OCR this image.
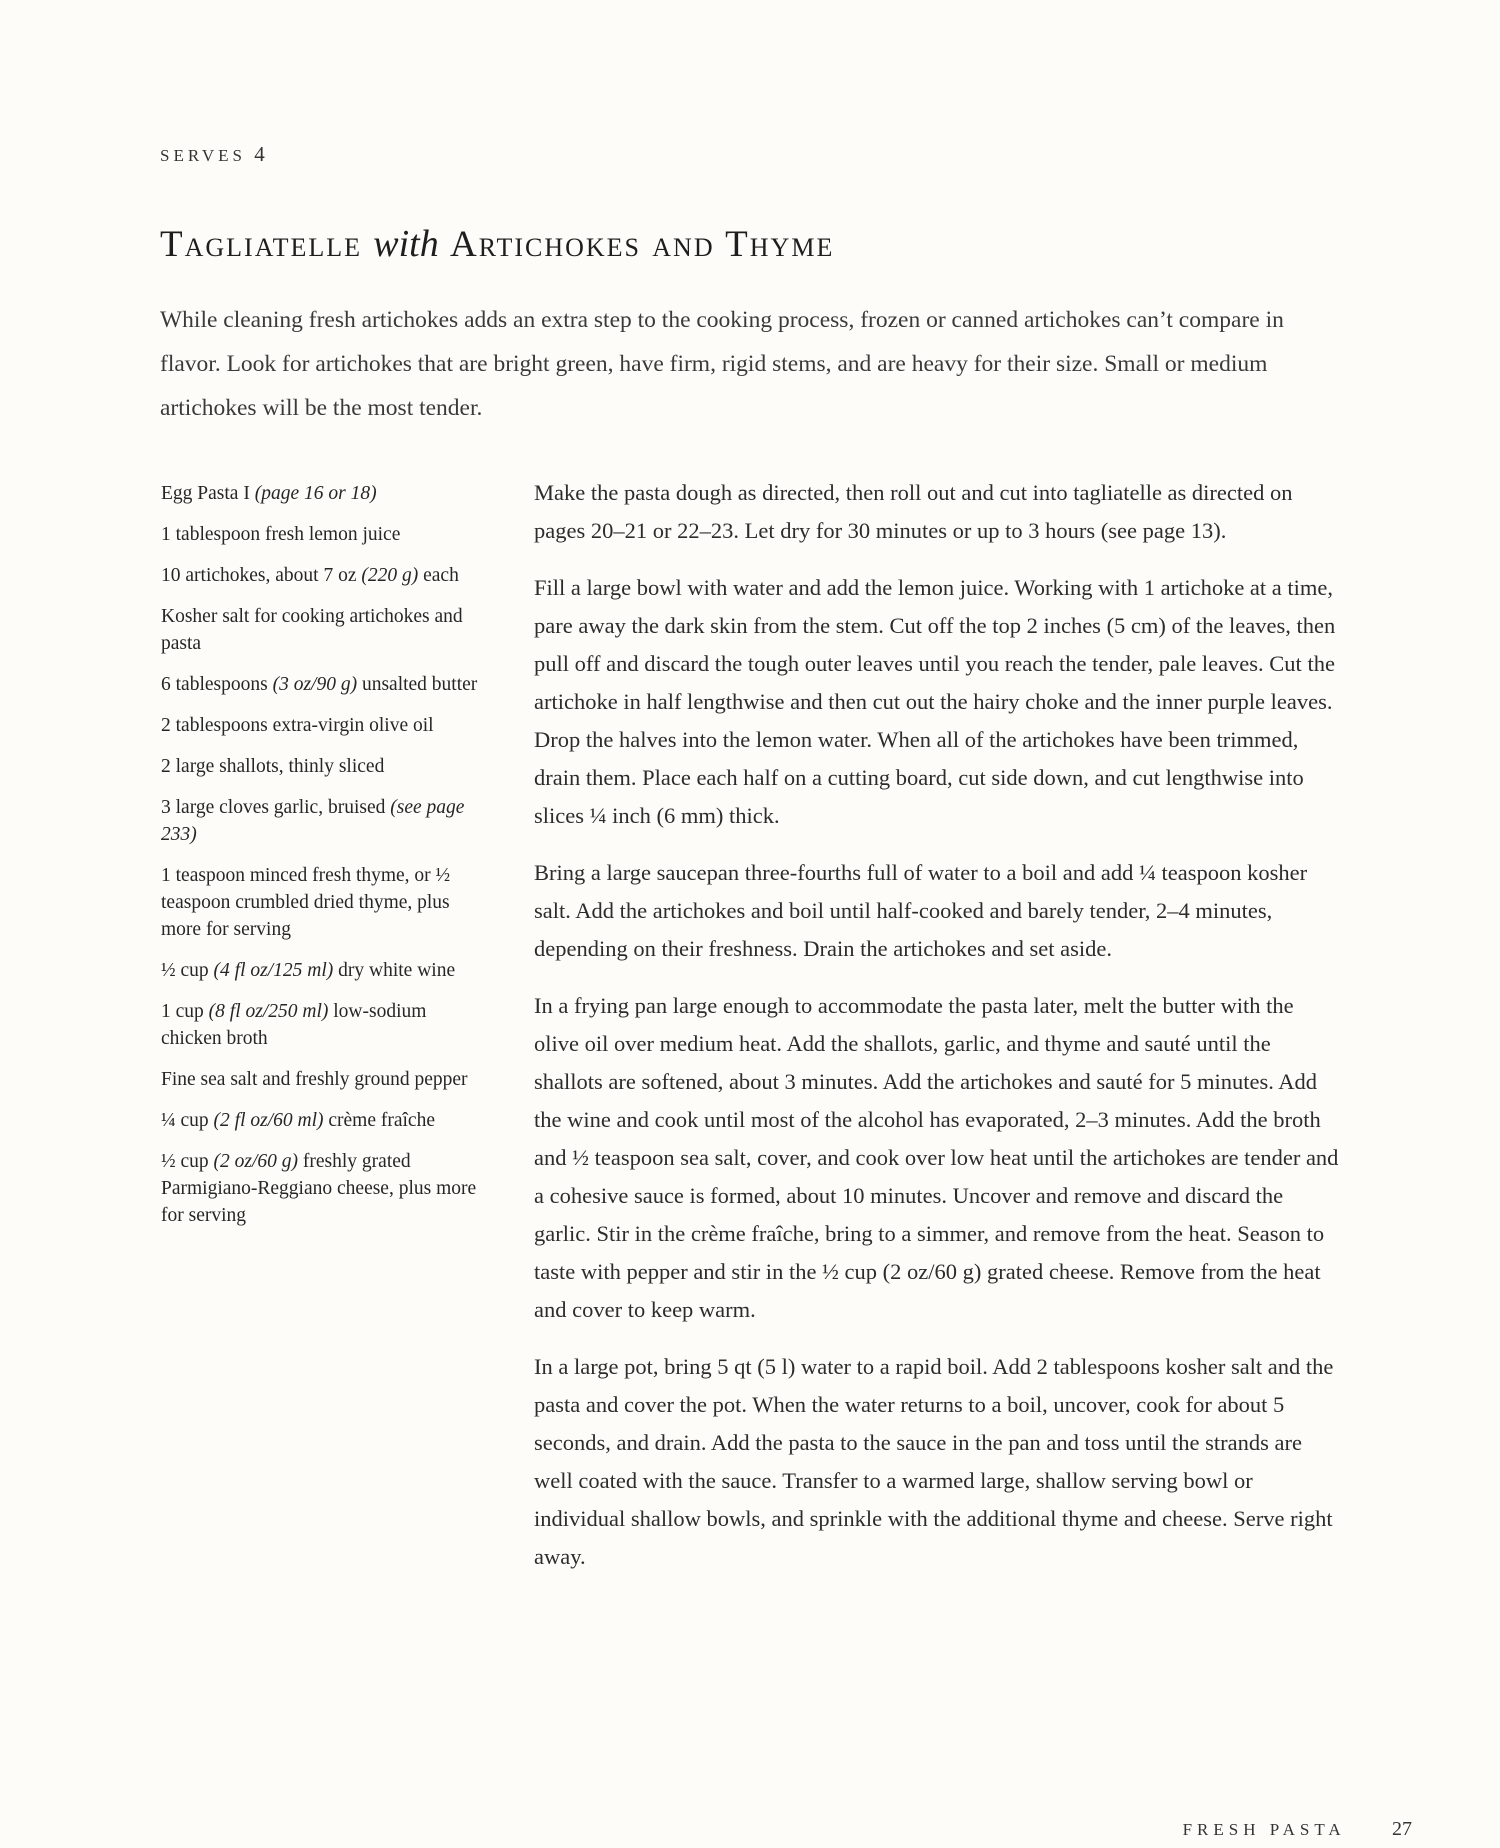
SERVES 4
Tagliatelle with Artichokes and Thyme

While cleaning fresh artichokes adds an extra step to the cooking process, frozen or canned artichokes can’t compare in flavor. Look for artichokes that are bright green, have firm, rigid stems, and are heavy for their size. Small or medium artichokes will be the most tender.

Egg Pasta I (page 16 or 18)
1 tablespoon fresh lemon juice
10 artichokes, about 7 oz (220 g) each
Kosher salt for cooking artichokes and pasta
6 tablespoons (3 oz/90 g) unsalted butter
2 tablespoons extra-virgin olive oil
2 large shallots, thinly sliced
3 large cloves garlic, bruised (see page 233)
1 teaspoon minced fresh thyme, or ½ teaspoon crumbled dried thyme, plus more for serving
½ cup (4 fl oz/125 ml) dry white wine
1 cup (8 fl oz/250 ml) low-sodium chicken broth
Fine sea salt and freshly ground pepper
¼ cup (2 fl oz/60 ml) crème fraîche
½ cup (2 oz/60 g) freshly grated Parmigiano-Reggiano cheese, plus more for serving

Make the pasta dough as directed, then roll out and cut into tagliatelle as directed on pages 20–21 or 22–23. Let dry for 30 minutes or up to 3 hours (see page 13).

Fill a large bowl with water and add the lemon juice. Working with 1 artichoke at a time, pare away the dark skin from the stem. Cut off the top 2 inches (5 cm) of the leaves, then pull off and discard the tough outer leaves until you reach the tender, pale leaves. Cut the artichoke in half lengthwise and then cut out the hairy choke and the inner purple leaves. Drop the halves into the lemon water. When all of the artichokes have been trimmed, drain them. Place each half on a cutting board, cut side down, and cut lengthwise into slices ¼ inch (6 mm) thick.

Bring a large saucepan three-fourths full of water to a boil and add ¼ teaspoon kosher salt. Add the artichokes and boil until half-cooked and barely tender, 2–4 minutes, depending on their freshness. Drain the artichokes and set aside.

In a frying pan large enough to accommodate the pasta later, melt the butter with the olive oil over medium heat. Add the shallots, garlic, and thyme and sauté until the shallots are softened, about 3 minutes. Add the artichokes and sauté for 5 minutes. Add the wine and cook until most of the alcohol has evaporated, 2–3 minutes. Add the broth and ½ teaspoon sea salt, cover, and cook over low heat until the artichokes are tender and a cohesive sauce is formed, about 10 minutes. Uncover and remove and discard the garlic. Stir in the crème fraîche, bring to a simmer, and remove from the heat. Season to taste with pepper and stir in the ½ cup (2 oz/60 g) grated cheese. Remove from the heat and cover to keep warm.

In a large pot, bring 5 qt (5 l) water to a rapid boil. Add 2 tablespoons kosher salt and the pasta and cover the pot. When the water returns to a boil, uncover, cook for about 5 seconds, and drain. Add the pasta to the sauce in the pan and toss until the strands are well coated with the sauce. Transfer to a warmed large, shallow serving bowl or individual shallow bowls, and sprinkle with the additional thyme and cheese. Serve right away.

FRESH PASTA 27
